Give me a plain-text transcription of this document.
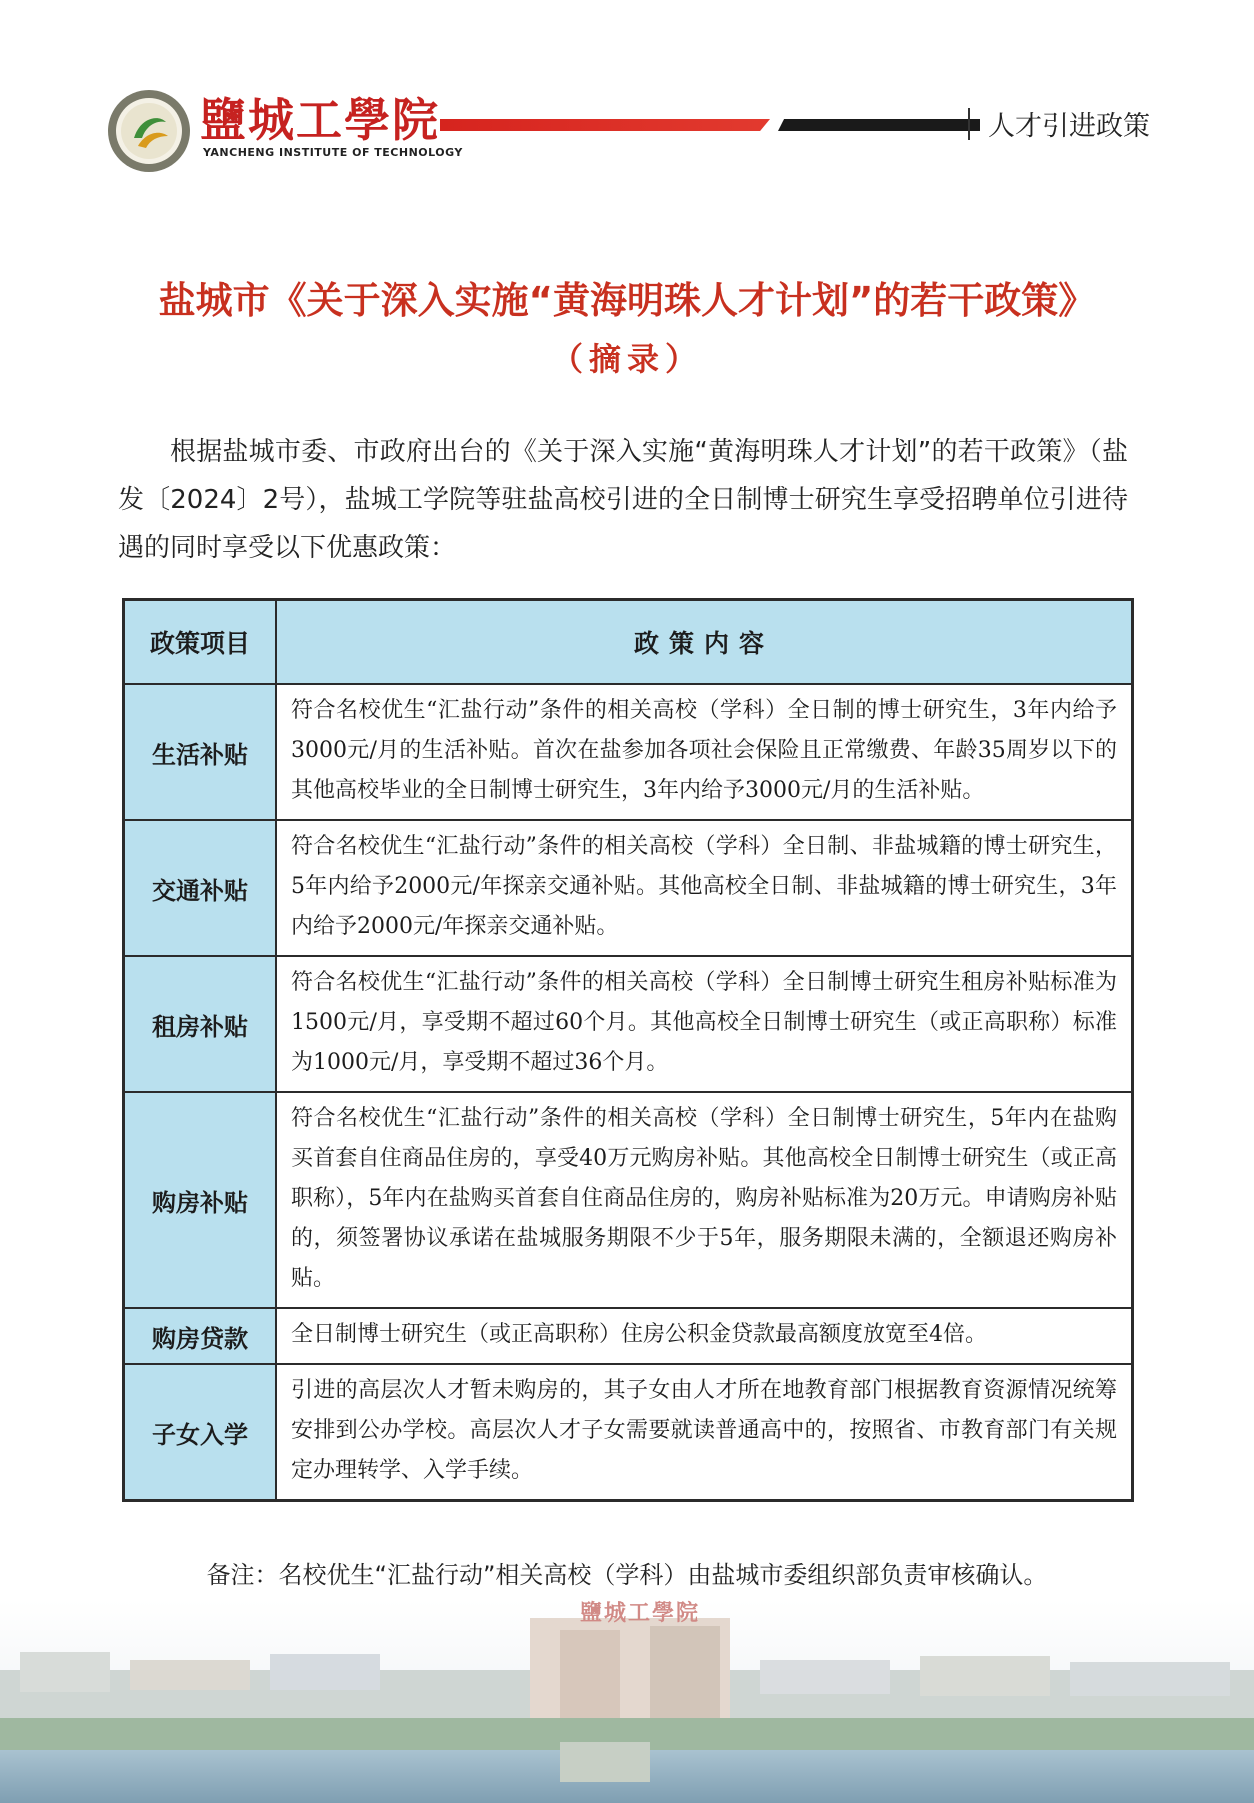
鹽城工學院
YANCHENG INSTITUTE OF TECHNOLOGY
人才引进政策
盐城市《关于深入实施“黄海明珠人才计划”的若干政策》
（摘录）
根据盐城市委、市政府出台的《关于深入实施“黄海明珠人才计划”的若干政策》（盐发〔2024〕2号），盐城工学院等驻盐高校引进的全日制博士研究生享受招聘单位引进待遇的同时享受以下优惠政策：
政策项目	政策内容
生活补贴	符合名校优生“汇盐行动”条件的相关高校（学科）全日制的博士研究生，3年内给予3000元/月的生活补贴。首次在盐参加各项社会保险且正常缴费、年龄35周岁以下的其他高校毕业的全日制博士研究生，3年内给予3000元/月的生活补贴。
交通补贴	符合名校优生“汇盐行动”条件的相关高校（学科）全日制、非盐城籍的博士研究生，5年内给予2000元/年探亲交通补贴。其他高校全日制、非盐城籍的博士研究生，3年内给予2000元/年探亲交通补贴。
租房补贴	符合名校优生“汇盐行动”条件的相关高校（学科）全日制博士研究生租房补贴标准为1500元/月，享受期不超过60个月。其他高校全日制博士研究生（或正高职称）标准为1000元/月，享受期不超过36个月。
购房补贴	符合名校优生“汇盐行动”条件的相关高校（学科）全日制博士研究生，5年内在盐购买首套自住商品住房的，享受40万元购房补贴。其他高校全日制博士研究生（或正高职称），5年内在盐购买首套自住商品住房的，购房补贴标准为20万元。申请购房补贴的，须签署协议承诺在盐城服务期限不少于5年，服务期限未满的，全额退还购房补贴。
购房贷款	全日制博士研究生（或正高职称）住房公积金贷款最高额度放宽至4倍。
子女入学	引进的高层次人才暂未购房的，其子女由人才所在地教育部门根据教育资源情况统筹安排到公办学校。高层次人才子女需要就读普通高中的，按照省、市教育部门有关规定办理转学、入学手续。
备注：名校优生“汇盐行动”相关高校（学科）由盐城市委组织部负责审核确认。
鹽城工學院
